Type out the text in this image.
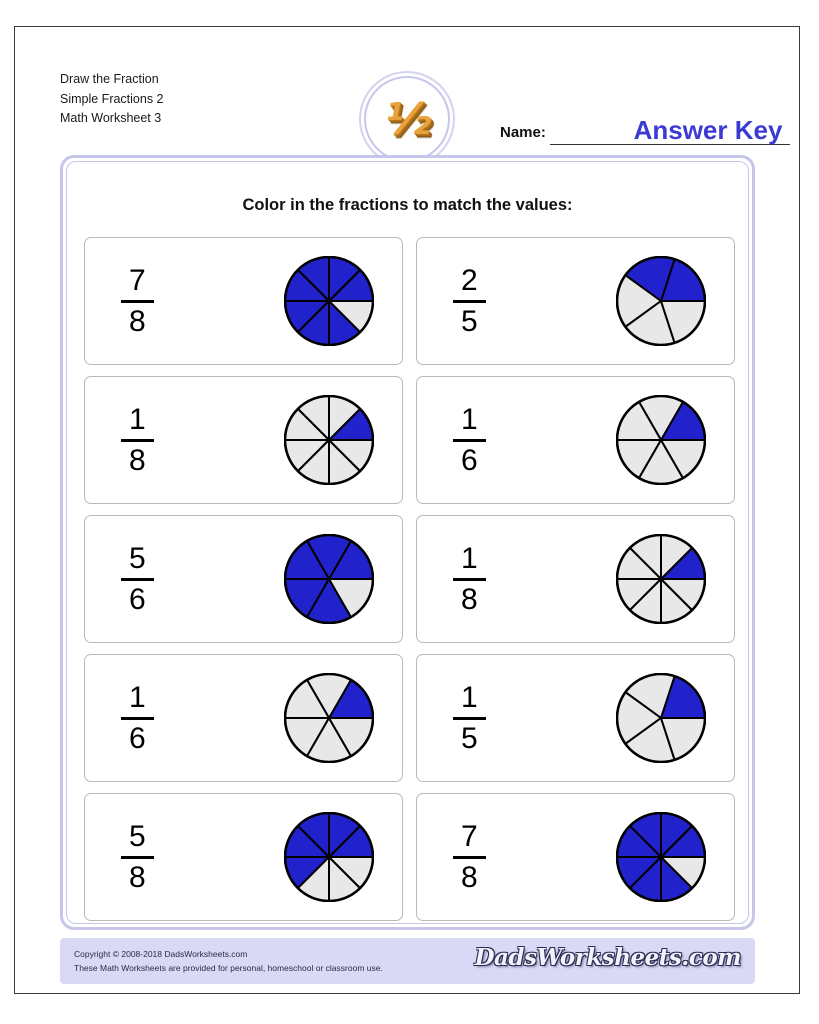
Draw the Fraction
Simple Fractions 2
Math Worksheet 3	½	Name:	Answer Key
Color in the fractions to match the values:
7
8
2
5
1
8
1
6
5
6
1
8
1
6
1
5
5
8
7
8
Copyright © 2008-2018 DadsWorksheets.com
These Math Worksheets are provided for personal, homeschool or classroom use.	DadsWorksheets.com
